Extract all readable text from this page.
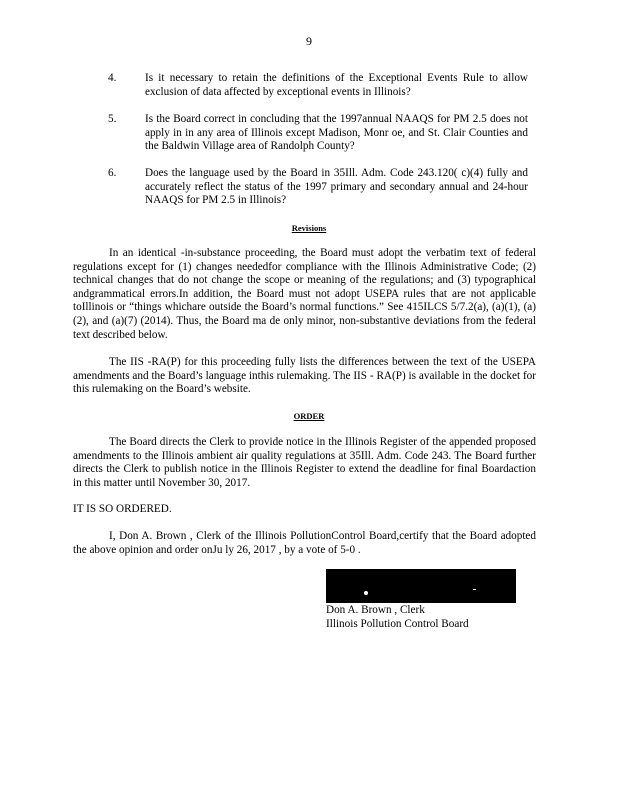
9
4.	Is it necessary to retain the definitions of the Exceptional Events Rule to allow exclusion of data affected by exceptional events in Illinois?
5.	Is the Board correct in concluding that the 1997annual NAAQS for PM 2.5 does not apply in in any area of Illinois except Madison, Monr oe, and St. Clair Counties and the Baldwin Village area of Randolph County?
6.	Does the language used by the Board in 35Ill. Adm. Code 243.120( c)(4) fully and accurately reflect the status of the 1997 primary and secondary annual and 24-hour NAAQS for PM 2.5 in Illinois?
Revisions

In an identical -in-substance proceeding, the Board must adopt the verbatim text of federal regulations except for (1) changes neededfor compliance with the Illinois Administrative Code; (2) technical changes that do not change the scope or meaning of the regulations; and (3) typographical andgrammatical errors.In addition, the Board must not adopt USEPA rules that are not applicable toIllinois or “things whichare outside the Board’s normal functions.” See 415ILCS 5/7.2(a), (a)(1), (a)(2), and (a)(7) (2014). Thus, the Board ma de only minor, non-substantive deviations from the federal text described below.

The IIS -RA(P) for this proceeding fully lists the differences between the text of the USEPA amendments and the Board’s language inthis rulemaking. The IIS - RA(P) is available in the docket for this rulemaking on the Board’s website.

ORDER

The Board directs the Clerk to provide notice in the Illinois Register of the appended proposed amendments to the Illinois ambient air quality regulations at 35Ill. Adm. Code 243. The Board further directs the Clerk to publish notice in the Illinois Register to extend the deadline for final Boardaction in this matter until November 30, 2017.

IT IS SO ORDERED.

I, Don A. Brown , Clerk of the Illinois PollutionControl Board,certify that the Board adopted the above opinion and order onJu ly 26, 2017 , by a vote of 5-0 .

Don A. Brown , Clerk
Illinois Pollution Control Board
